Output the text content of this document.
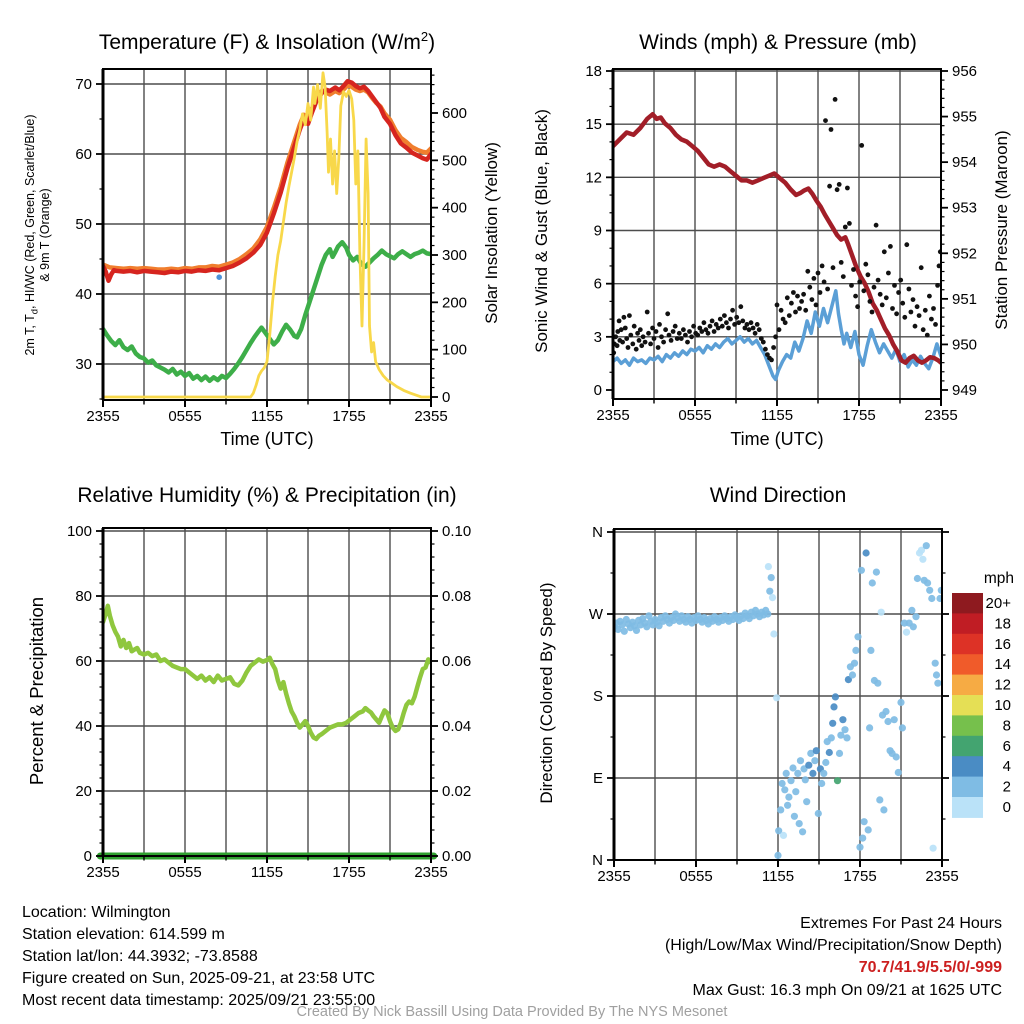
2355	0555	1155	1755	2355
30
40
50
60
70
0
100
200
300
400
500
600
2355	0555	1155	1755	2355
0
3
6
9
12
15
18
949
950
951
952
953
954
955
956
2355	0555	1155	1755	2355
0
20
40
60
80
100
0.00
0.02
0.04
0.06
0.08
0.10
2355	0555	1155	1755	2355
N
W
S
E
N
20+
18
16
14
12
10
8
6
4
2
0
Temperature (F) & Insolation $(W/m^2)$	Winds (mph) & Pressure (mb)
Relative Humidity (%) & Precipitation (in)	Wind Direction
2m T, $T_d$, HI/WC (Red, Green, Scarlet/Blue) & 9m T (Orange)	Solar Insolation (Yellow) Sonic Wind & Gust (Blue, Black)	Station Pressure (Maroon)
Percent & Precipitation	Direction (Colored By Speed)
Time (UTC)	Time (UTC)
mph
Location: Wilmington
Station elevation: 614.599 m
Station lat/lon: 44.3932; -73.8588
Figure created on Sun, 2025-09-21, at 23:58 UTC
Most recent data timestamp: 2025/09/21 23:55:00
Extremes For Past 24 Hours
(High/Low/Max Wind/Precipitation/Snow Depth)
70.7/41.9/5.5/0/-999
Max Gust: 16.3 mph On 09/21 at 1625 UTC
Created By Nick Bassill Using Data Provided By The NYS Mesonet
